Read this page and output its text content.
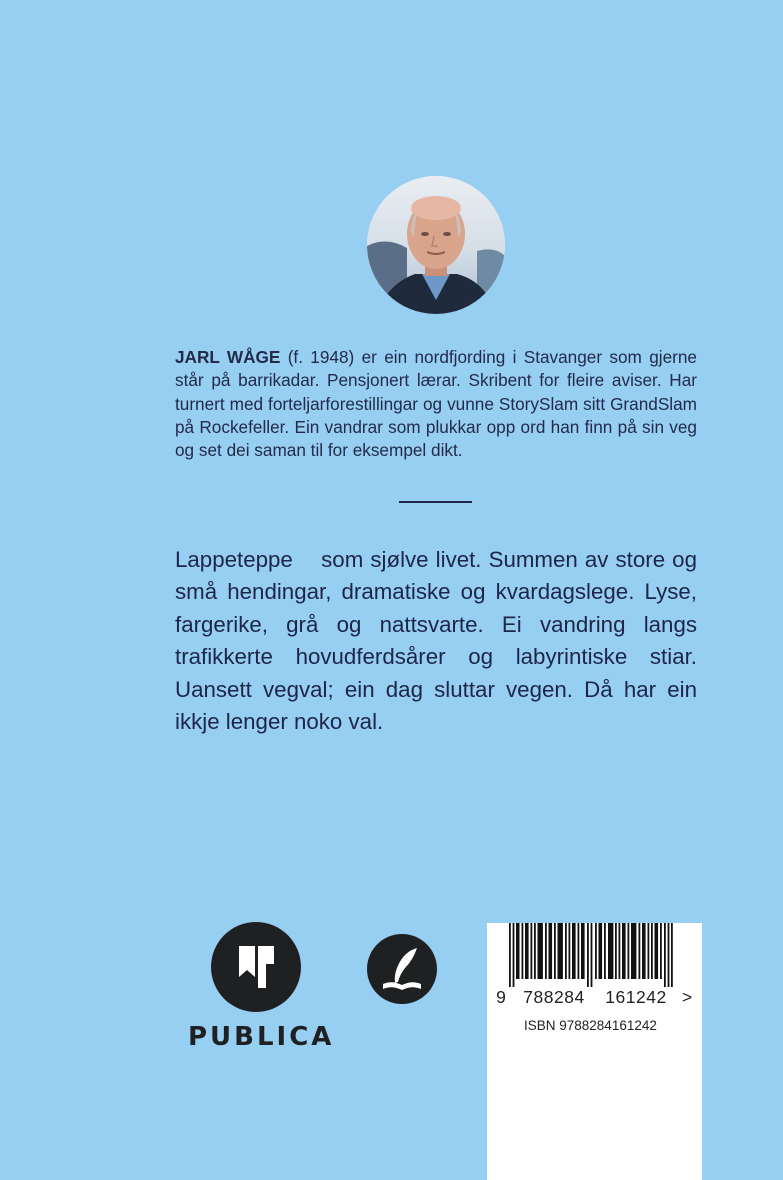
JARL WÅGE (f. 1948) er ein nordfjording i Stavanger som gjerne står på barrikadar. Pensjonert lærar. Skribent for fleire aviser. Har turnert med forteljarforestillingar og vunne StorySlam sitt GrandSlam på Rockefeller. Ein vandrar som plukkar opp ord han finn på sin veg og set dei saman til for eksempel dikt.

Lappeteppe    som sjølve livet. Summen av store og små hendingar, dramatiske og kvardagslege. Lyse, fargerike, grå og nattsvarte. Ei vandring langs trafikkerte hovudferdsårer og labyrintiske stiar. Uansett vegval; ein dag sluttar vegen. Då har ein ikkje lenger noko val.

PUBLICA
9 788284	161242 >
ISBN 9788284161242
